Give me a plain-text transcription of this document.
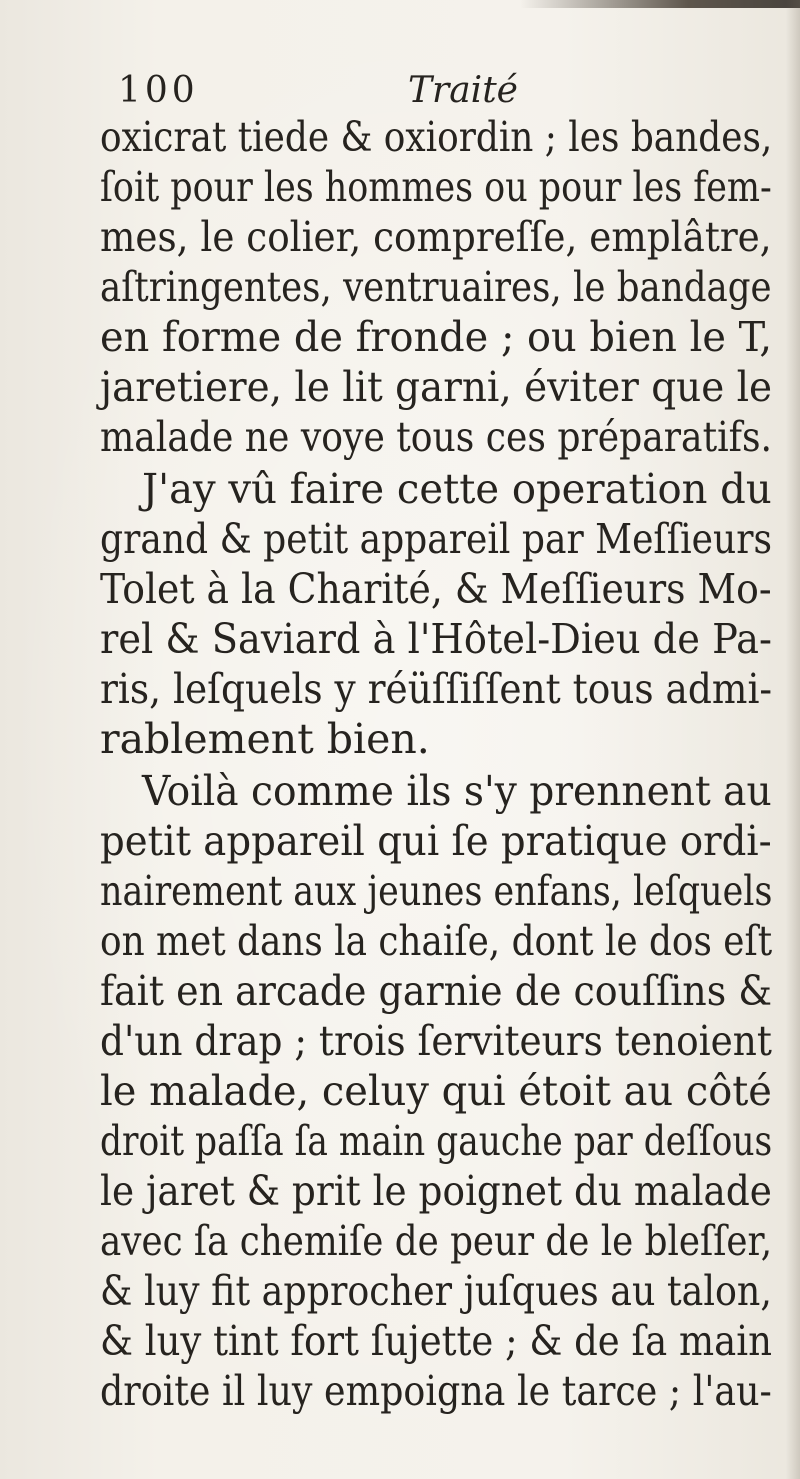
100	Traité
oxicrat tiede & oxiordin ; les bandes,
ſoit pour les hommes ou pour les fem-
mes, le colier, compreſſe, emplâtre,
aſtringentes, ventruaires, le bandage
en forme de fronde ; ou bien le T,
jaretiere, le lit garni, éviter que le
malade ne voye tous ces préparatifs.
J'ay vû faire cette operation du
grand & petit appareil par Meſſieurs
Tolet à la Charité, & Meſſieurs Mo-
rel & Saviard à l'Hôtel-Dieu de Pa-
ris, leſquels y réüſſiſſent tous admi-
rablement bien.
Voilà comme ils s'y prennent au
petit appareil qui ſe pratique ordi-
nairement aux jeunes enfans, leſquels
on met dans la chaiſe, dont le dos eſt
fait en arcade garnie de couſſins &
d'un drap ; trois ſerviteurs tenoient
le malade, celuy qui étoit au côté
droit paſſa ſa main gauche par deſſous
le jaret & prit le poignet du malade
avec ſa chemiſe de peur de le bleſſer,
& luy fit approcher juſques au talon,
& luy tint fort ſujette ; & de ſa main
droite il luy empoigna le tarce ; l'au-
